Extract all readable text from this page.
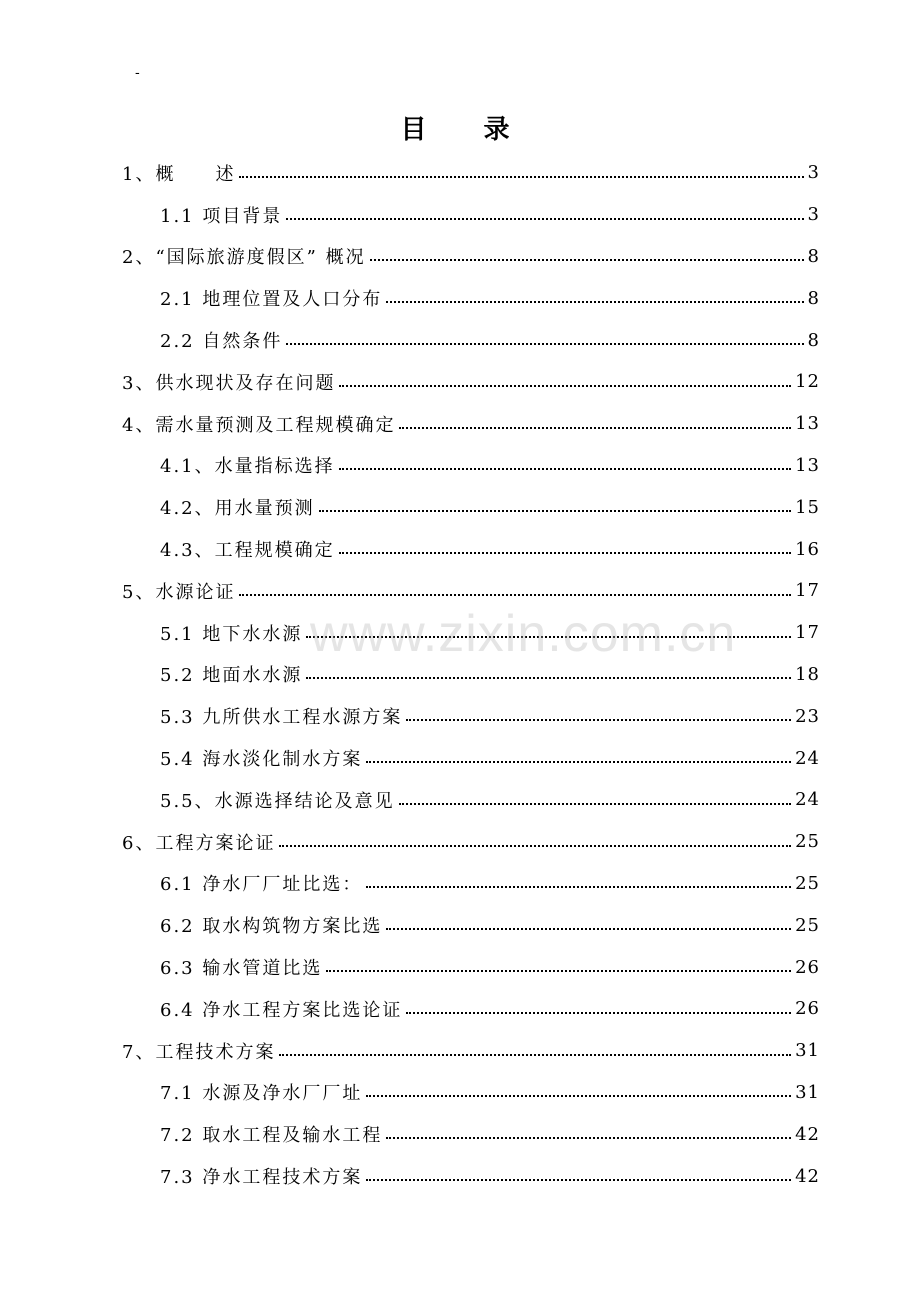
-
目 录
1、概　　述	3
1.1 项目背景	3
2、“国际旅游度假区” 概况	8
2.1 地理位置及人口分布	8
2.2 自然条件	8
3、供水现状及存在问题	12
4、需水量预测及工程规模确定	13
4.1、水量指标选择	13
4.2、用水量预测	15
4.3、工程规模确定	16
5、水源论证	17
5.1 地下水水源	17
5.2 地面水水源	18
5.3 九所供水工程水源方案	23
5.4 海水淡化制水方案	24
5.5、水源选择结论及意见	24
6、工程方案论证	25
6.1 净水厂厂址比选：	25
6.2 取水构筑物方案比选	25
6.3 输水管道比选	26
6.4 净水工程方案比选论证	26
7、工程技术方案	31
7.1 水源及净水厂厂址	31
7.2 取水工程及输水工程	42
7.3 净水工程技术方案	42
www.zixin.com.cn
